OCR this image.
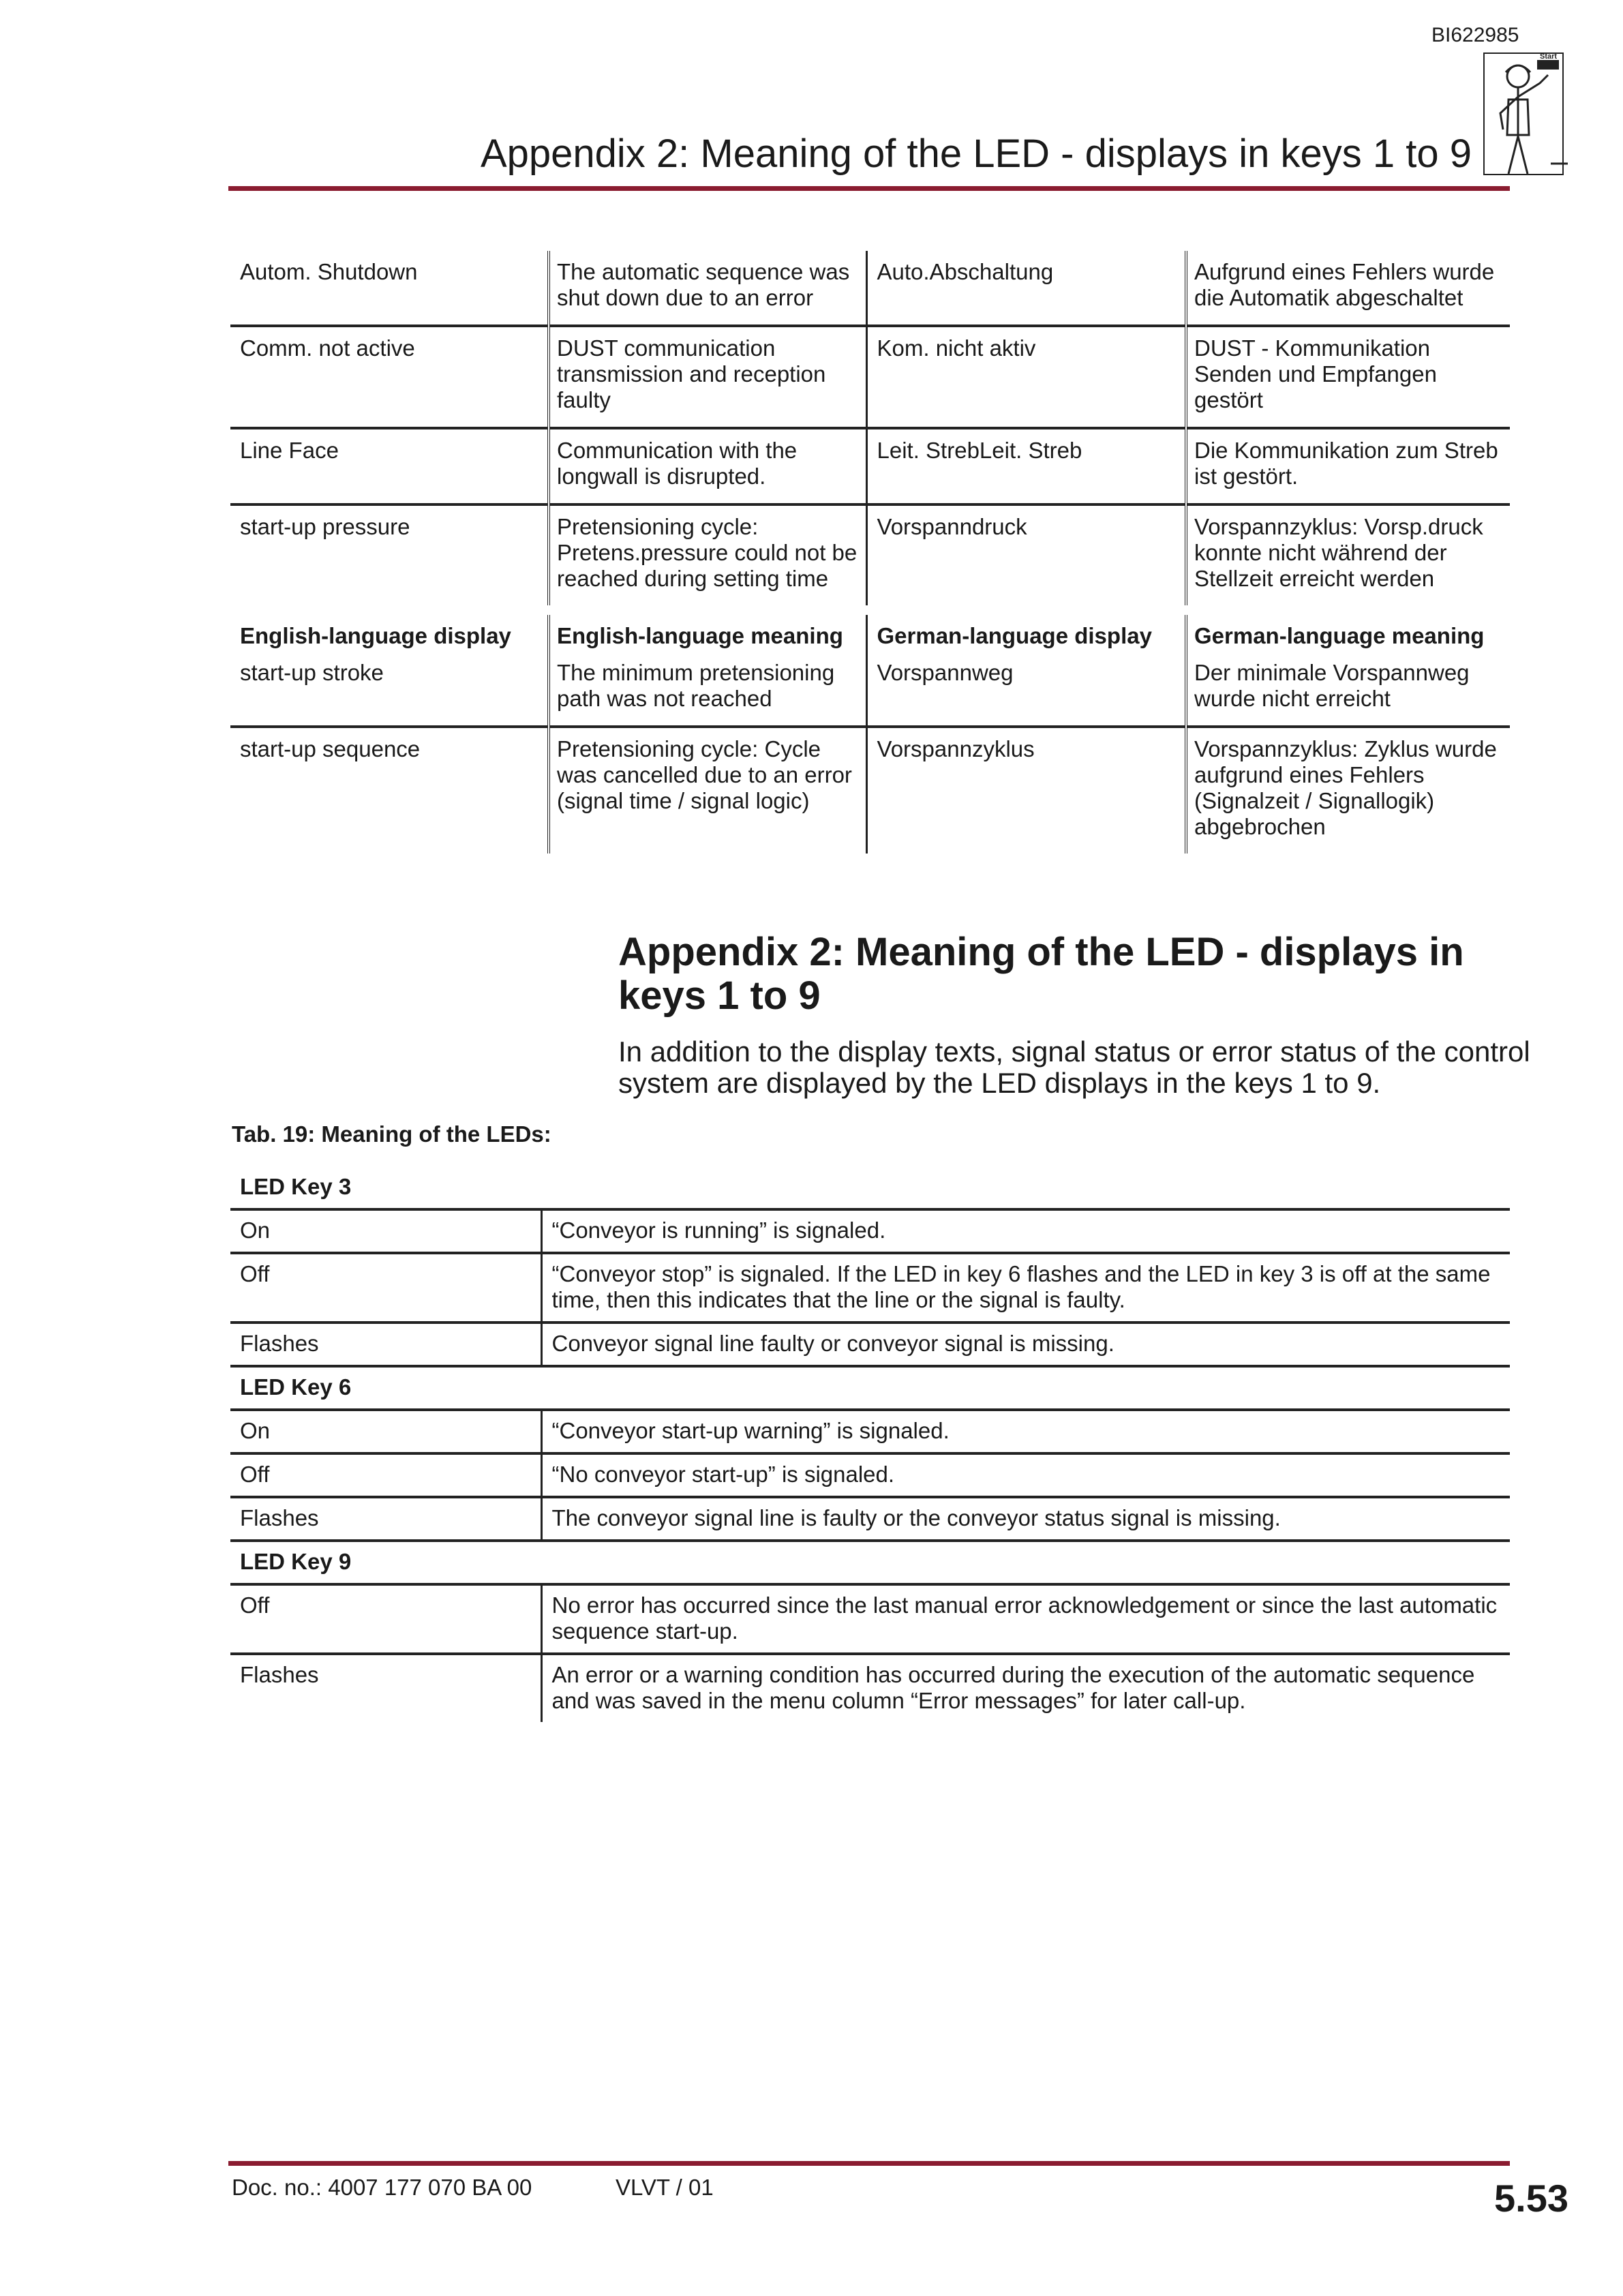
BI622985
Start
Appendix 2: Meaning of the LED - displays in keys 1 to 9
Autom. Shutdown	The automatic sequence was shut down due to an error	Auto.Abschaltung	Aufgrund eines Fehlers wurde die Automatik abgeschaltet
Comm. not active	DUST communication transmission and reception faulty	Kom. nicht aktiv	DUST - Kommunikation Senden und Empfangen gestört
Line Face	Communication with the longwall is disrupted.	Leit. StrebLeit. Streb	Die Kommunikation zum Streb ist gestört.
start-up pressure	Pretensioning cycle: Pretens.pressure could not be reached during setting time	Vorspanndruck	Vorspannzyklus: Vorsp.druck konnte nicht während der Stellzeit erreicht werden

English-language display	English-language meaning	German-language display	German-language meaning
start-up stroke	The minimum pretensioning path was not reached	Vorspannweg	Der minimale Vorspannweg wurde nicht erreicht
start-up sequence	Pretensioning cycle: Cycle was cancelled due to an error (signal time / signal logic)	Vorspannzyklus	Vorspannzyklus: Zyklus wurde aufgrund eines Fehlers (Signalzeit / Signallogik) abgebrochen
Appendix 2: Meaning of the LED - displays in keys 1 to 9
In addition to the display texts, signal status or error status of the control system are displayed by the LED displays in the keys 1 to 9.
Tab. 19: Meaning of the LEDs:
LED Key 3	
On	“Conveyor is running” is signaled.
Off	“Conveyor stop” is signaled. If the LED in key 6 flashes and the LED in key 3 is off at the same time, then this indicates that the line or the signal is faulty.
Flashes	Conveyor signal line faulty or conveyor signal is missing.
LED Key 6	
On	“Conveyor start-up warning” is signaled.
Off	“No conveyor start-up” is signaled.
Flashes	The conveyor signal line is faulty or the conveyor status signal is missing.
LED Key 9	
Off	No error has occurred since the last manual error acknowledgement or since the last automatic sequence start-up.
Flashes	An error or a warning condition has occurred during the execution of the automatic sequence and was saved in the menu column “Error messages” for later call-up.
Doc. no.: 4007 177 070 BA 00	VLVT / 01	5.53
